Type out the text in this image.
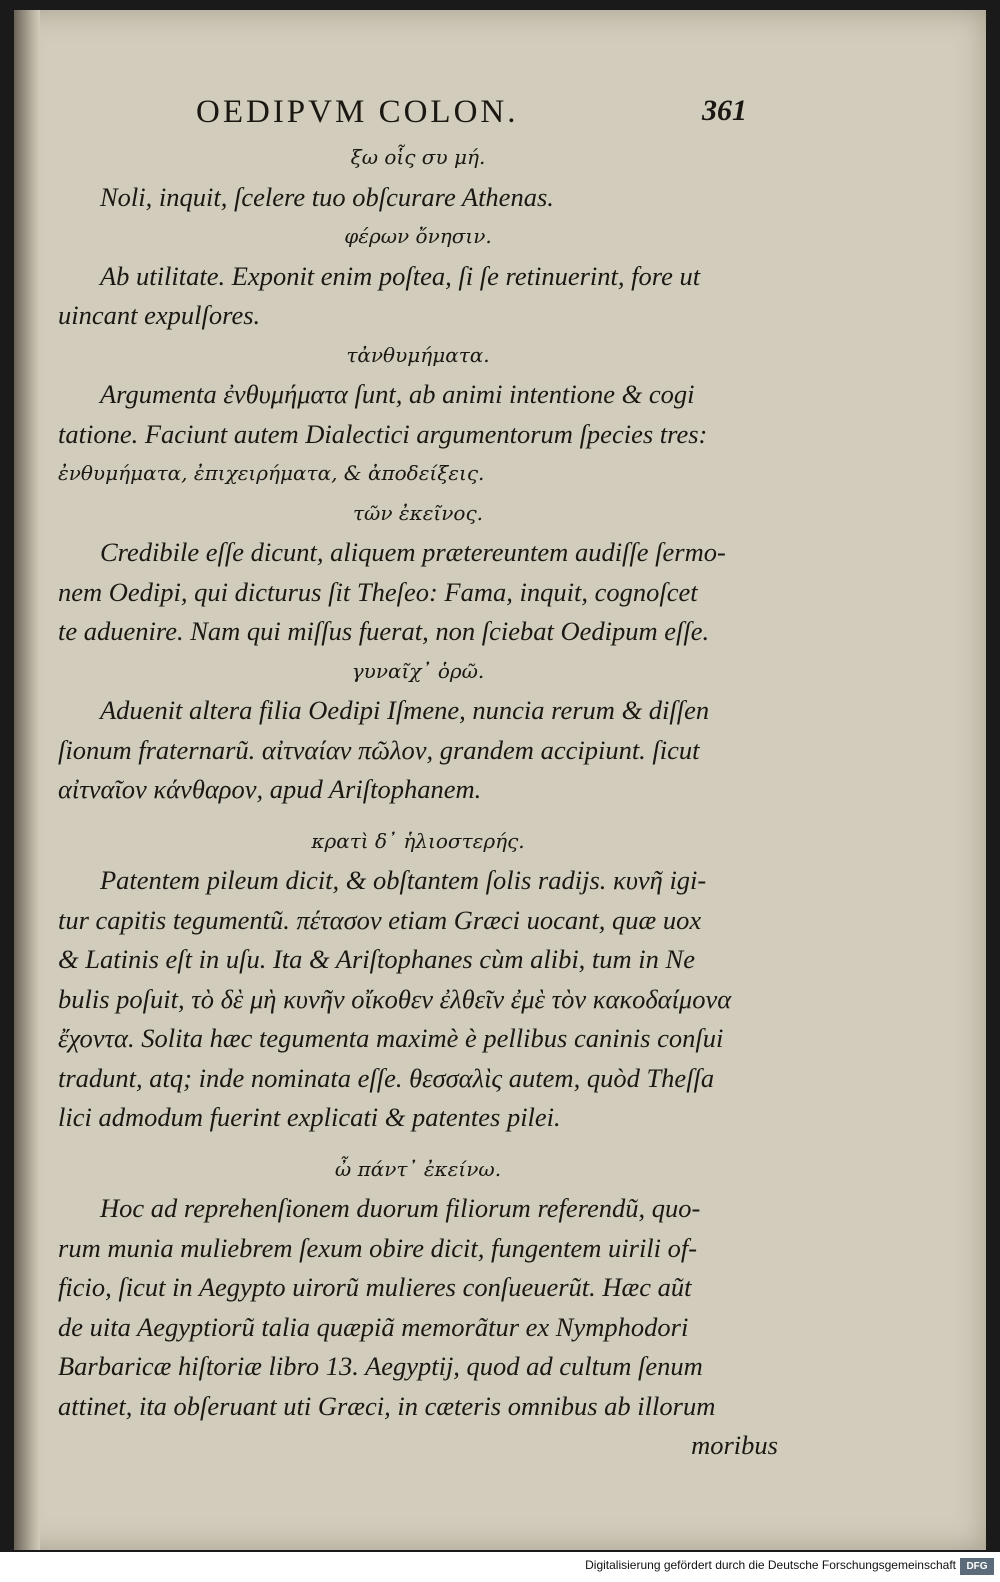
OEDIPVM COLON.	361
ξω οἷς συ μή.
Noli, inquit, ſcelere tuo obſcurare Athenas.
φέρων ὄνησιν.
Ab utilitate. Exponit enim poſtea, ſi ſe retinuerint, fore ut
uincant expulſores.
τἀνθυμήματα.
Argumenta ἐνθυμήματα ſunt, ab animi intentione & cogi
tatione. Faciunt autem Dialectici argumentorum ſpecies tres:
ἐνθυμήματα, ἐπιχειρήματα, & ἀποδείξεις.
τῶν ἐκεῖνος.
Credibile eſſe dicunt, aliquem prætereuntem audiſſe ſermo-
nem Oedipi, qui dicturus ſit Theſeo: Fama, inquit, cognoſcet
te aduenire. Nam qui miſſus fuerat, non ſciebat Oedipum eſſe.
γυναῖχ᾽ ὁρῶ.
Aduenit altera filia Oedipi Iſmene, nuncia rerum & diſſen
ſionum fraternarũ. αἰτναίαν πῶλον, grandem accipiunt. ſicut
αἰτναῖον κάνθαρον, apud Ariſtophanem.
κρατὶ δ᾽ ἡλιοστερής.
Patentem pileum dicit, & obſtantem ſolis radijs. κυνῆ igi-
tur capitis tegumentũ. πέτασον etiam Græci uocant, quæ uox
& Latinis eſt in uſu. Ita & Ariſtophanes cùm alibi, tum in Ne
bulis poſuit, τὸ δὲ μὴ κυνῆν οἴκοθεν ἐλθεῖν ἐμὲ τὸν κακοδαίμονα
ἔχοντα. Solita hæc tegumenta maximè è pellibus caninis conſui
tradunt, atq; inde nominata eſſe. θεσσαλὶς autem, quòd Theſſa
lici admodum fuerint explicati & patentes pilei.
ὦ πάντ᾽ ἐκείνω.
Hoc ad reprehenſionem duorum filiorum referendũ, quo-
rum munia muliebrem ſexum obire dicit, fungentem uirili of-
ficio, ſicut in Aegypto uirorũ mulieres conſueuerũt. Hæc aũt
de uita Aegyptiorũ talia quæpiã memorãtur ex Nymphodori
Barbaricæ hiſtoriæ libro 13. Aegyptij, quod ad cultum ſenum
attinet, ita obſeruant uti Græci, in cæteris omnibus ab illorum
moribus
Digitalisierung gefördert durch die Deutsche Forschungsgemeinschaft	DFG
